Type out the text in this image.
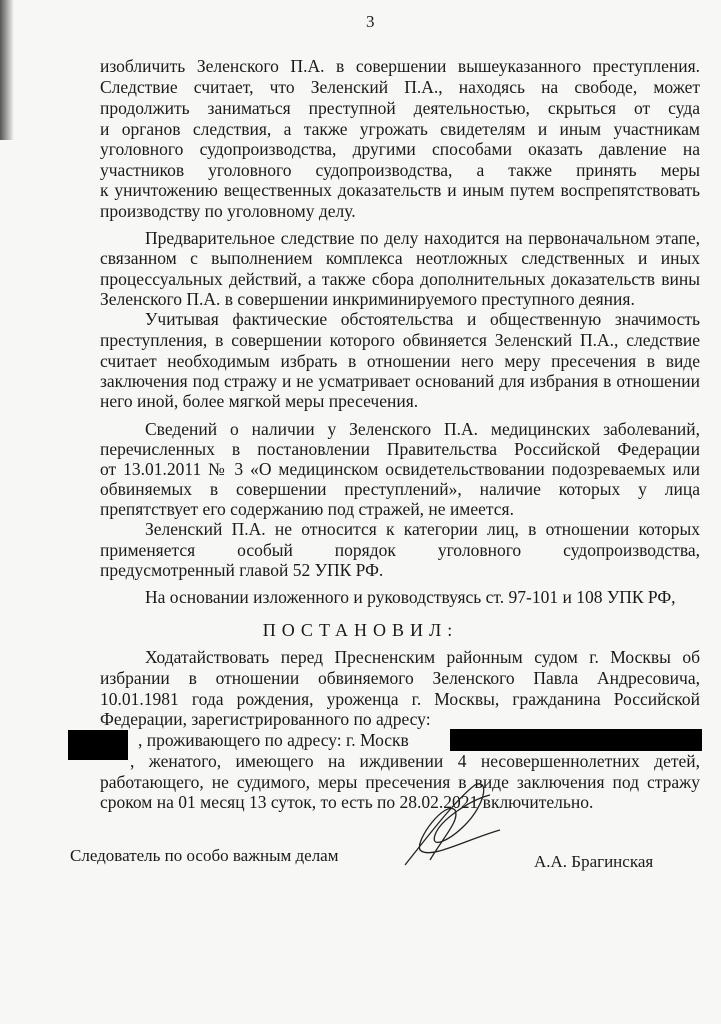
3
изобличить Зеленского П.А. в совершении вышеуказанного преступления.
Следствие считает, что Зеленский П.А., находясь на свободе, может
продолжить заниматься преступной деятельностью, скрыться от суда
и органов следствия, а также угрожать свидетелям и иным участникам
уголовного судопроизводства, другими способами оказать давление на
участников уголовного судопроизводства, а также принять меры
к уничтожению вещественных доказательств и иным путем воспрепятствовать
производству по уголовному делу.
Предварительное следствие по делу находится на первоначальном этапе,
связанном с выполнением комплекса неотложных следственных и иных
процессуальных действий, а также сбора дополнительных доказательств вины
Зеленского П.А. в совершении инкриминируемого преступного деяния.
Учитывая фактические обстоятельства и общественную значимость
преступления, в совершении которого обвиняется Зеленский П.А., следствие
считает необходимым избрать в отношении него меру пресечения в виде
заключения под стражу и не усматривает оснований для избрания в отношении
него иной, более мягкой меры пресечения.
Сведений о наличии у Зеленского П.А. медицинских заболеваний,
перечисленных в постановлении Правительства Российской Федерации
от 13.01.2011 № 3 «О медицинском освидетельствовании подозреваемых или
обвиняемых в совершении преступлений», наличие которых у лица
препятствует его содержанию под стражей, не имеется.
Зеленский П.А. не относится к категории лиц, в отношении которых
применяется особый порядок уголовного судопроизводства,
предусмотренный главой 52 УПК РФ.
На основании изложенного и руководствуясь ст. 97-101 и 108 УПК РФ,
ПОСТАНОВИЛ:
Ходатайствовать перед Пресненским районным судом г. Москвы об
избрании в отношении обвиняемого Зеленского Павла Андресовича,
10.01.1981 года рождения, уроженца г. Москвы, гражданина Российской
Федерации, зарегистрированного по адресу:
, проживающего по адресу: г. Москв
, женатого, имеющего на иждивении 4 несовершеннолетних детей,
работающего, не судимого, меры пресечения в виде заключения под стражу
сроком на 01 месяц 13 суток, то есть по 28.02.2021 включительно.
Следователь по особо важным делам	А.А. Брагинская
